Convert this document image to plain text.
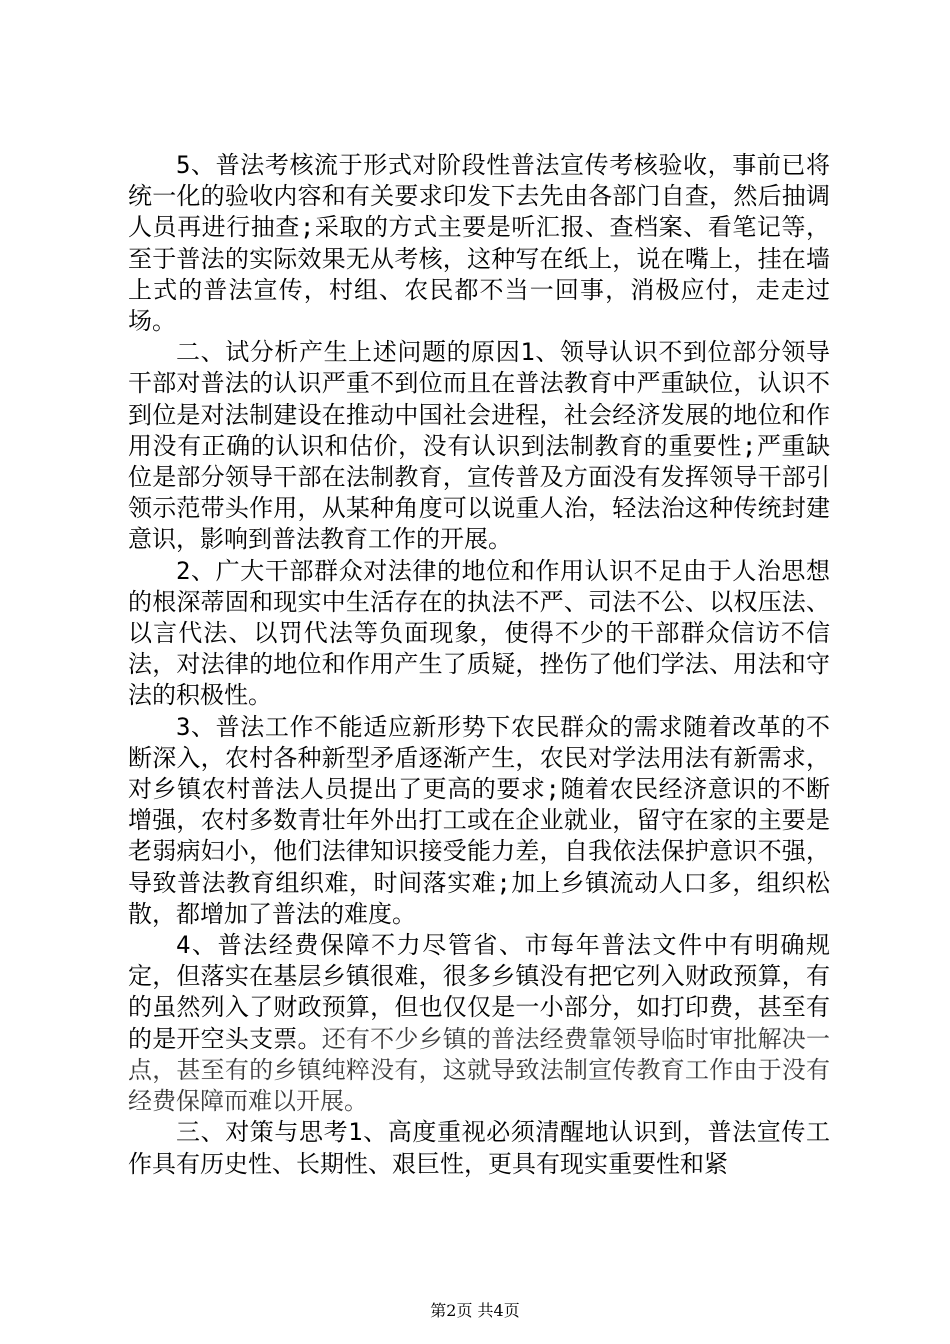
5、普法考核流于形式对阶段性普法宣传考核验收，事前已将统一化的验收内容和有关要求印发下去先由各部门自查，然后抽调人员再进行抽查;采取的方式主要是听汇报、查档案、看笔记等，至于普法的实际效果无从考核，这种写在纸上，说在嘴上，挂在墙上式的普法宣传，村组、农民都不当一回事，消极应付，走走过场。

二、试分析产生上述问题的原因1、领导认识不到位部分领导干部对普法的认识严重不到位而且在普法教育中严重缺位，认识不到位是对法制建设在推动中国社会进程，社会经济发展的地位和作用没有正确的认识和估价，没有认识到法制教育的重要性;严重缺位是部分领导干部在法制教育，宣传普及方面没有发挥领导干部引领示范带头作用，从某种角度可以说重人治，轻法治这种传统封建意识，影响到普法教育工作的开展。

2、广大干部群众对法律的地位和作用认识不足由于人治思想的根深蒂固和现实中生活存在的执法不严、司法不公、以权压法、以言代法、以罚代法等负面现象，使得不少的干部群众信访不信法，对法律的地位和作用产生了质疑，挫伤了他们学法、用法和守法的积极性。

3、普法工作不能适应新形势下农民群众的需求随着改革的不断深入，农村各种新型矛盾逐渐产生，农民对学法用法有新需求，对乡镇农村普法人员提出了更高的要求;随着农民经济意识的不断增强，农村多数青壮年外出打工或在企业就业，留守在家的主要是老弱病妇小，他们法律知识接受能力差，自我依法保护意识不强，导致普法教育组织难，时间落实难;加上乡镇流动人口多，组织松散，都增加了普法的难度。

4、普法经费保障不力尽管省、市每年普法文件中有明确规定，但落实在基层乡镇很难，很多乡镇没有把它列入财政预算，有的虽然列入了财政预算，但也仅仅是一小部分，如打印费，甚至有的是开空头支票。还有不少乡镇的普法经费靠领导临时审批解决一点，甚至有的乡镇纯粹没有，这就导致法制宣传教育工作由于没有经费保障而难以开展。

三、对策与思考1、高度重视必须清醒地认识到，普法宣传工作具有历史性、长期性、艰巨性，更具有现实重要性和紧

第2页 共4页
